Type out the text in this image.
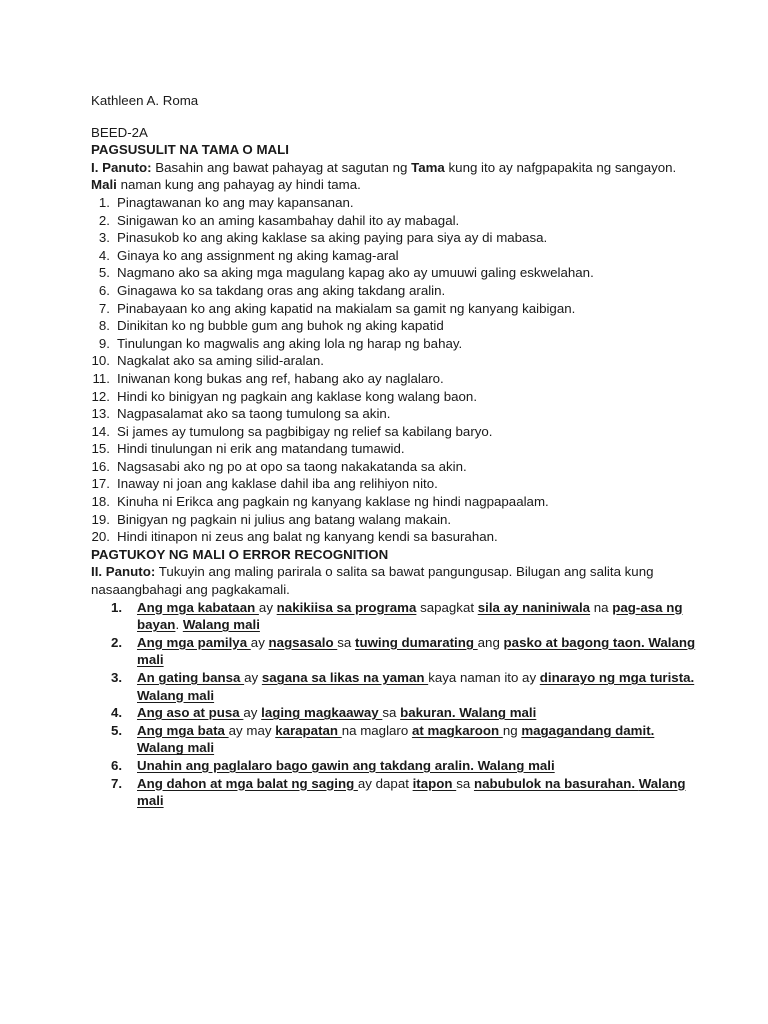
Kathleen A. Roma

BEED-2A

PAGSUSULIT NA TAMA O MALI

I. Panuto: Basahin ang bawat pahayag at sagutan ng Tama kung ito ay nafgpapakita ng sangayon. Mali naman kung ang pahayag ay hindi tama.

1. Pinagtawanan ko ang may kapansanan.
2. Sinigawan ko an aming kasambahay dahil ito ay mabagal.
3. Pinasukob ko ang aking kaklase sa aking paying para siya ay di mabasa.
4. Ginaya ko ang assignment ng aking kamag-aral
5. Nagmano ako sa aking mga magulang kapag ako ay umuuwi galing eskwelahan.
6. Ginagawa ko sa takdang oras ang aking takdang aralin.
7. Pinabayaan ko ang aking kapatid na makialam sa gamit ng kanyang kaibigan.
8. Dinikitan ko ng bubble gum ang buhok ng aking kapatid
9. Tinulungan ko magwalis ang aking lola ng harap ng bahay.
10. Nagkalat ako sa aming silid-aralan.
11. Iniwanan kong bukas ang ref, habang ako ay naglalaro.
12. Hindi ko binigyan ng pagkain ang kaklase kong walang baon.
13. Nagpasalamat ako sa taong tumulong sa akin.
14. Si james ay tumulong sa pagbibigay ng relief sa kabilang baryo.
15. Hindi tinulungan ni erik ang matandang tumawid.
16. Nagsasabi ako ng po at opo sa taong nakakatanda sa akin.
17. Inaway ni joan ang kaklase dahil iba ang relihiyon nito.
18. Kinuha ni Erikca ang pagkain ng kanyang kaklase ng hindi nagpapaalam.
19. Binigyan ng pagkain ni julius ang batang walang makain.
20. Hindi itinapon ni zeus ang balat ng kanyang kendi sa basurahan.

PAGTUKOY NG MALI O ERROR RECOGNITION

II. Panuto: Tukuyin ang maling parirala o salita sa bawat pangungusap. Bilugan ang salita kung nasaangbahagi ang pagkakamali.

1. Ang mga kabataan ay nakikiisa sa programa sapagkat sila ay naniniwala na pag-asa ng bayan. Walang mali
2. Ang mga pamilya ay nagsasalo sa tuwing dumarating ang pasko at bagong taon. Walang mali
3. An gating bansa ay sagana sa likas na yaman kaya naman ito ay dinarayo ng mga turista. Walang mali
4. Ang aso at pusa ay laging magkaaway sa bakuran. Walang mali
5. Ang mga bata ay may karapatan na maglaro at magkaroon ng magagandang damit. Walang mali
6. Unahin ang paglalaro bago gawin ang takdang aralin. Walang mali
7. Ang dahon at mga balat ng saging ay dapat itapon sa nabubulok na basurahan. Walang mali
